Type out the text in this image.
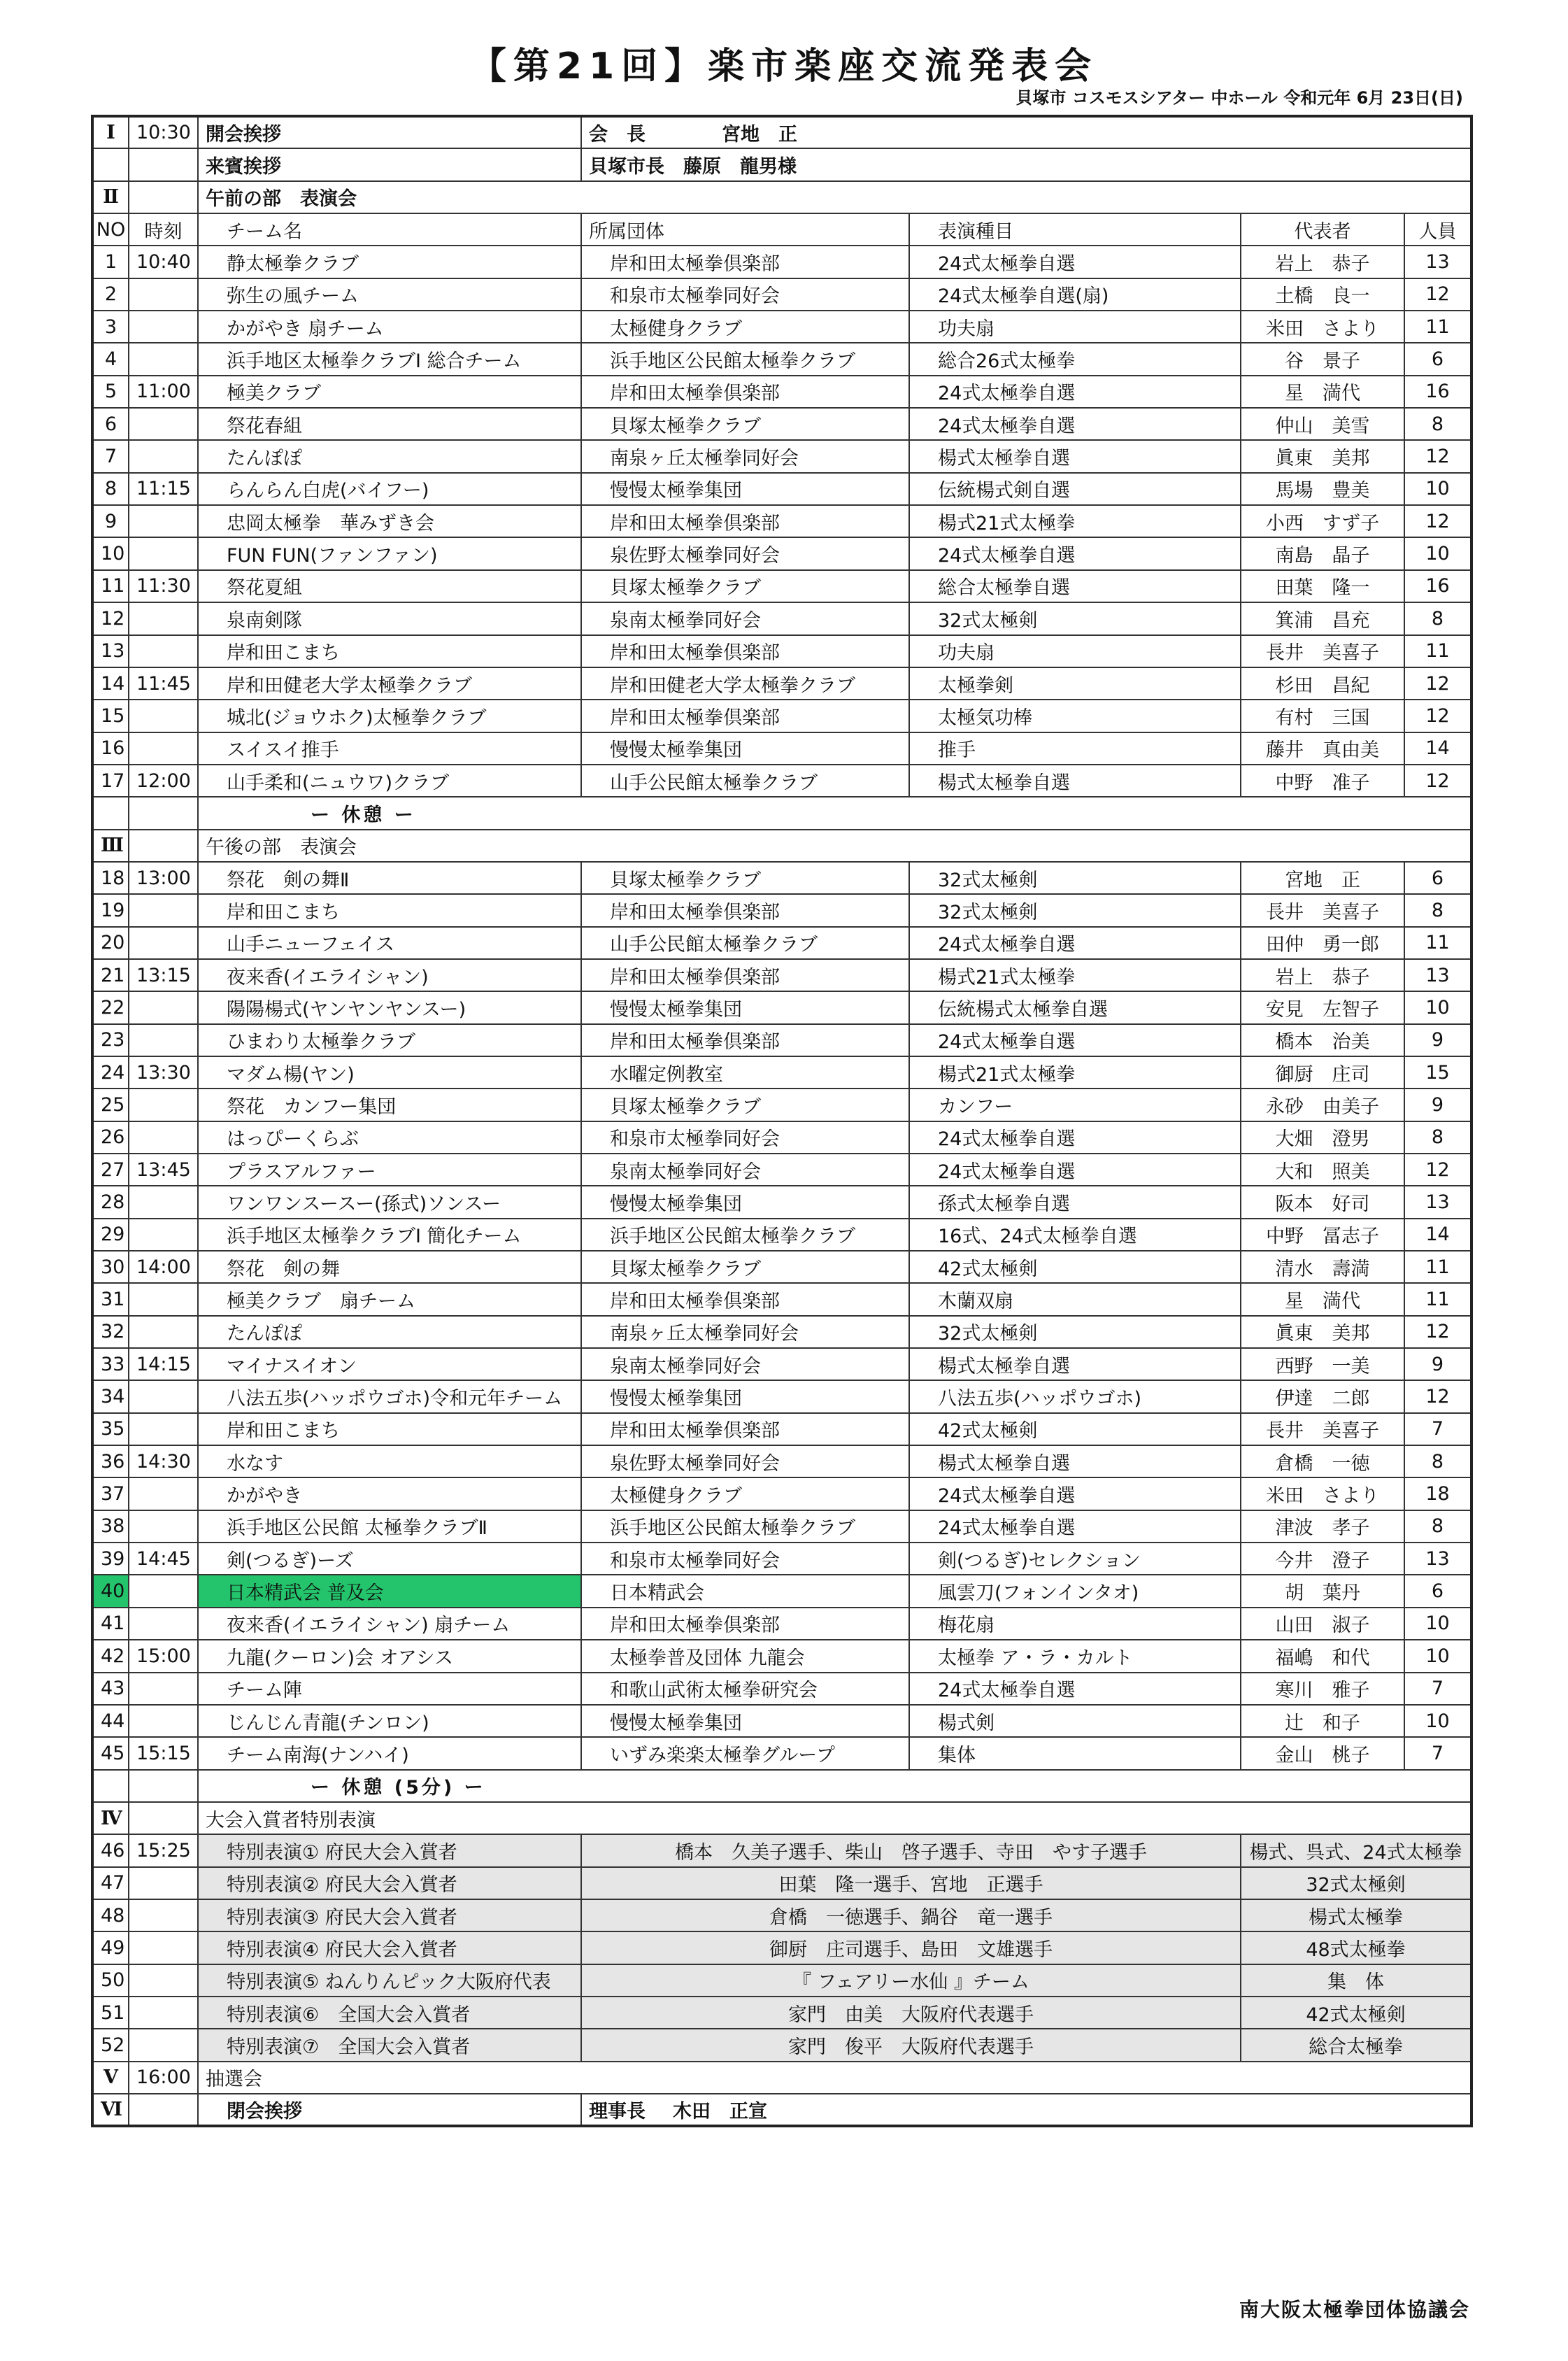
【第21回】楽市楽座交流発表会
貝塚市 コスモスシアター 中ホール 令和元年 6月 23日(日)
Ⅰ	10:30	開会挨拶	会　長 宮地　正			
		来賓挨拶	貝塚市長　藤原　龍男様			
Ⅱ		午前の部　表演会				
NO	時刻	チーム名	所属団体	表演種目	代表者	人員
1	10:40	静太極拳クラブ	岸和田太極拳倶楽部	24式太極拳自選	岩上　恭子	13
2		弥生の風チーム	和泉市太極拳同好会	24式太極拳自選(扇)	土橋　良一	12
3		かがやき 扇チーム	太極健身クラブ	功夫扇	米田　さより	11
4		浜手地区太極拳クラブⅠ 総合チーム	浜手地区公民館太極拳クラブ	総合26式太極拳	谷　景子	6
5	11:00	極美クラブ	岸和田太極拳倶楽部	24式太極拳自選	星　満代	16
6		祭花春組	貝塚太極拳クラブ	24式太極拳自選	仲山　美雪	8
7		たんぽぽ	南泉ヶ丘太極拳同好会	楊式太極拳自選	眞東　美邦	12
8	11:15	らんらん白虎(バイフー)	慢慢太極拳集団	伝統楊式剣自選	馬場　豊美	10
9		忠岡太極拳　華みずき会	岸和田太極拳倶楽部	楊式21式太極拳	小西　すず子	12
10		FUN FUN(ファンファン)	泉佐野太極拳同好会	24式太極拳自選	南島　晶子	10
11	11:30	祭花夏組	貝塚太極拳クラブ	総合太極拳自選	田葉　隆一	16
12		泉南剣隊	泉南太極拳同好会	32式太極剣	箕浦　昌充	8
13		岸和田こまち	岸和田太極拳倶楽部	功夫扇	長井　美喜子	11
14	11:45	岸和田健老大学太極拳クラブ	岸和田健老大学太極拳クラブ	太極拳剣	杉田　昌紀	12
15		城北(ジョウホク)太極拳クラブ	岸和田太極拳倶楽部	太極気功棒	有村　三国	12
16		スイスイ推手	慢慢太極拳集団	推手	藤井　真由美	14
17	12:00	山手柔和(ニュウワ)クラブ	山手公民館太極拳クラブ	楊式太極拳自選	中野　准子	12
		ー 休憩 ー				
Ⅲ		午後の部　表演会				
18	13:00	祭花　剣の舞Ⅱ	貝塚太極拳クラブ	32式太極剣	宮地　正	6
19		岸和田こまち	岸和田太極拳倶楽部	32式太極剣	長井　美喜子	8
20		山手ニューフェイス	山手公民館太極拳クラブ	24式太極拳自選	田仲　勇一郎	11
21	13:15	夜来香(イエライシャン)	岸和田太極拳倶楽部	楊式21式太極拳	岩上　恭子	13
22		陽陽楊式(ヤンヤンヤンスー)	慢慢太極拳集団	伝統楊式太極拳自選	安見　左智子	10
23		ひまわり太極拳クラブ	岸和田太極拳倶楽部	24式太極拳自選	橋本　治美	9
24	13:30	マダム楊(ヤン)	水曜定例教室	楊式21式太極拳	御厨　庄司	15
25		祭花　カンフー集団	貝塚太極拳クラブ	カンフー	永砂　由美子	9
26		はっぴーくらぶ	和泉市太極拳同好会	24式太極拳自選	大畑　澄男	8
27	13:45	プラスアルファー	泉南太極拳同好会	24式太極拳自選	大和　照美	12
28		ワンワンスースー(孫式)ソンスー	慢慢太極拳集団	孫式太極拳自選	阪本　好司	13
29		浜手地区太極拳クラブⅠ 簡化チーム	浜手地区公民館太極拳クラブ	16式、24式太極拳自選	中野　冨志子	14
30	14:00	祭花　剣の舞	貝塚太極拳クラブ	42式太極剣	清水　壽満	11
31		極美クラブ　扇チーム	岸和田太極拳倶楽部	木蘭双扇	星　満代	11
32		たんぽぽ	南泉ヶ丘太極拳同好会	32式太極剣	眞東　美邦	12
33	14:15	マイナスイオン	泉南太極拳同好会	楊式太極拳自選	西野　一美	9
34		八法五歩(ハッポウゴホ)令和元年チーム	慢慢太極拳集団	八法五歩(ハッポウゴホ)	伊達　二郎	12
35		岸和田こまち	岸和田太極拳倶楽部	42式太極剣	長井　美喜子	7
36	14:30	水なす	泉佐野太極拳同好会	楊式太極拳自選	倉橋　一徳	8
37		かがやき	太極健身クラブ	24式太極拳自選	米田　さより	18
38		浜手地区公民館 太極拳クラブⅡ	浜手地区公民館太極拳クラブ	24式太極拳自選	津波　孝子	8
39	14:45	剣(つるぎ)ーズ	和泉市太極拳同好会	剣(つるぎ)セレクション	今井　澄子	13
40		日本精武会 普及会	日本精武会	風雲刀(フォンインタオ)	胡　葉丹	6
41		夜来香(イエライシャン) 扇チーム	岸和田太極拳倶楽部	梅花扇	山田　淑子	10
42	15:00	九龍(クーロン)会 オアシス	太極拳普及団体 九龍会	太極拳 ア・ラ・カルト	福嶋　和代	10
43		チーム陣	和歌山武術太極拳研究会	24式太極拳自選	寒川　雅子	7
44		じんじん青龍(チンロン)	慢慢太極拳集団	楊式剣	辻　和子	10
45	15:15	チーム南海(ナンハイ)	いずみ楽楽太極拳グループ	集体	金山　桃子	7
		ー 休憩 (5分) ー				
Ⅳ		大会入賞者特別表演				
46	15:25	特別表演① 府民大会入賞者	橋本　久美子選手、柴山　啓子選手、寺田　やす子選手		楊式、呉式、24式太極拳	
47		特別表演② 府民大会入賞者	田葉　隆一選手、宮地　正選手		32式太極剣	
48		特別表演③ 府民大会入賞者	倉橋　一徳選手、鍋谷　竜一選手		楊式太極拳	
49		特別表演④ 府民大会入賞者	御厨　庄司選手、島田　文雄選手		48式太極拳	
50		特別表演⑤ ねんりんピック大阪府代表	『 フェアリー水仙 』チーム		集　体	
51		特別表演⑥　全国大会入賞者	家門　由美　大阪府代表選手		42式太極剣	
52		特別表演⑦　全国大会入賞者	家門　俊平　大阪府代表選手		総合太極拳	
Ⅴ	16:00	抽選会				
Ⅵ		閉会挨拶	理事長 木田　正宣			
南大阪太極拳団体協議会
